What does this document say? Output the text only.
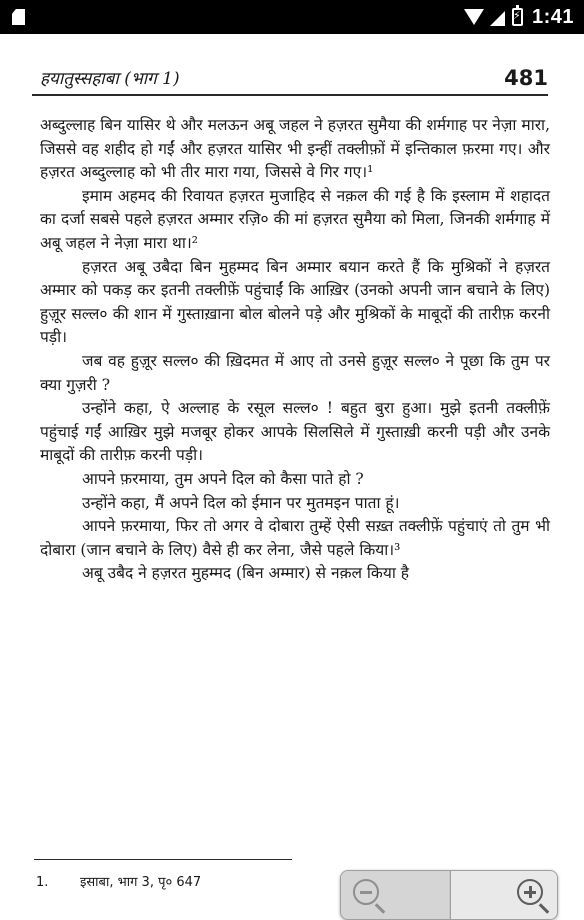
⚡
1:41
हयातुस्सहाबा (भाग 1)	481

अब्दुल्लाह बिन यासिर थे और मलऊन अबू जहल ने हज़रत सुमैया की शर्मगाह पर नेज़ा मारा, जिससे वह शहीद हो गईं और हज़रत यासिर भी इन्हीं तक्लीफ़ों में इन्तिकाल फ़रमा गए। और हज़रत अब्दुल्लाह को भी तीर मारा गया, जिससे वे गिर गए।¹

इमाम अहमद की रिवायत हज़रत मुजाहिद से नक़ल की गई है कि इस्लाम में शहादत का दर्जा सबसे पहले हज़रत अम्मार रज़ि० की मां हज़रत सुमैया को मिला, जिनकी शर्मगाह में अबू जहल ने नेज़ा मारा था।²

हज़रत अबू उबैदा बिन मुहम्मद बिन अम्मार बयान करते हैं कि मुश्रिकों ने हज़रत अम्मार को पकड़ कर इतनी तक्लीफ़ें पहुंचाईं कि आख़िर (उनको अपनी जान बचाने के लिए) हुज़ूर सल्ल० की शान में गुस्ताख़ाना बोल बोलने पड़े और मुश्रिकों के माबूदों की तारीफ़ करनी पड़ी।

जब वह हुज़ूर सल्ल० की ख़िदमत में आए तो उनसे हुज़ूर सल्ल० ने पूछा कि तुम पर क्या गुज़री ?

उन्होंने कहा, ऐ अल्लाह के रसूल सल्ल० ! बहुत बुरा हुआ। मुझे इतनी तक्लीफ़ें पहुंचाई गईं आख़िर मुझे मजबूर होकर आपके सिलसिले में गुस्ताख़ी करनी पड़ी और उनके माबूदों की तारीफ़ करनी पड़ी।

आपने फ़रमाया, तुम अपने दिल को कैसा पाते हो ?

उन्होंने कहा, मैं अपने दिल को ईमान पर मुतमइन पाता हूं।

आपने फ़रमाया, फिर तो अगर वे दोबारा तुम्हें ऐसी सख़्त तक्लीफ़ें पहुंचाएं तो तुम भी दोबारा (जान बचाने के लिए) वैसे ही कर लेना, जैसे पहले किया।³

अबू उबैद ने हज़रत मुहम्मद (बिन अम्मार) से नक़ल किया है

1. इसाबा, भाग 3, पृ० 647
